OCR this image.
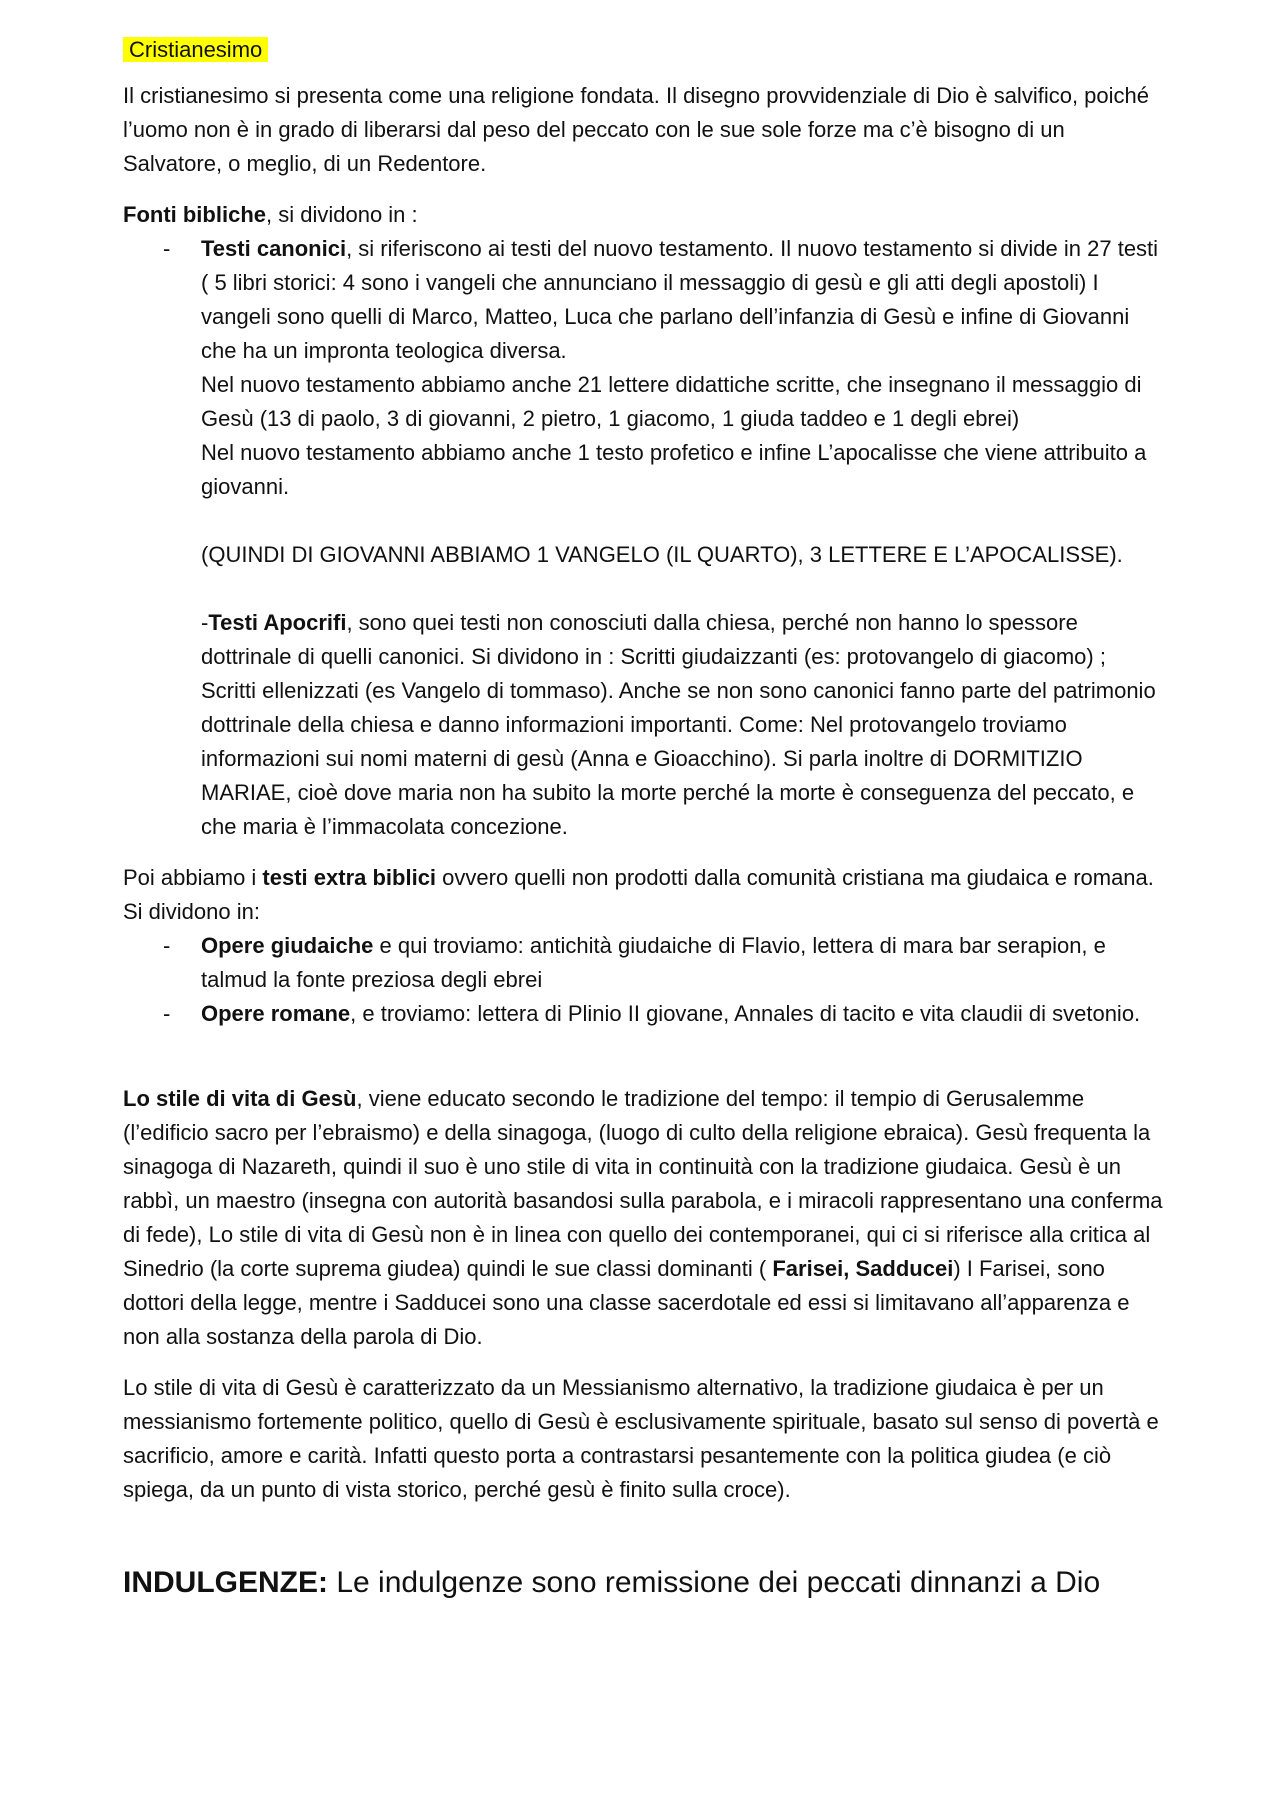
Cristianesimo

Il cristianesimo si presenta come una religione fondata. Il disegno provvidenziale di Dio è salvifico, poiché l’uomo non è in grado di liberarsi dal peso del peccato con le sue sole forze ma c’è bisogno di un Salvatore, o meglio, di un Redentore.

Fonti bibliche, si dividono in :
- Testi canonici, si riferiscono ai testi del nuovo testamento. Il nuovo testamento si divide in 27 testi ( 5 libri storici: 4 sono i vangeli che annunciano il messaggio di gesù e gli atti degli apostoli) I vangeli sono quelli di Marco, Matteo, Luca che parlano dell’infanzia di Gesù e infine di Giovanni che ha un impronta teologica diversa.
Nel nuovo testamento abbiamo anche 21 lettere didattiche scritte, che insegnano il messaggio di Gesù (13 di paolo, 3 di giovanni, 2 pietro, 1 giacomo, 1 giuda taddeo e 1 degli ebrei)
Nel nuovo testamento abbiamo anche 1 testo profetico e infine L’apocalisse che viene attribuito a giovanni.
(QUINDI DI GIOVANNI ABBIAMO 1 VANGELO (IL QUARTO), 3 LETTERE E L’APOCALISSE).
-Testi Apocrifi, sono quei testi non conosciuti dalla chiesa, perché non hanno lo spessore dottrinale di quelli canonici. Si dividono in : Scritti giudaizzanti (es: protovangelo di giacomo) ; Scritti ellenizzati (es Vangelo di tommaso). Anche se non sono canonici fanno parte del patrimonio dottrinale della chiesa e danno informazioni importanti. Come: Nel protovangelo troviamo informazioni sui nomi materni di gesù (Anna e Gioacchino). Si parla inoltre di DORMITIZIO MARIAE, cioè dove maria non ha subito la morte perché la morte è conseguenza del peccato, e che maria è l’immacolata concezione.
Poi abbiamo i testi extra biblici ovvero quelli non prodotti dalla comunità cristiana ma giudaica e romana. Si dividono in:
- Opere giudaiche e qui troviamo: antichità giudaiche di Flavio, lettera di mara bar serapion, e talmud la fonte preziosa degli ebrei
- Opere romane, e troviamo: lettera di Plinio II giovane, Annales di tacito e vita claudii di svetonio.

Lo stile di vita di Gesù, viene educato secondo le tradizione del tempo: il tempio di Gerusalemme (l’edificio sacro per l’ebraismo) e della sinagoga, (luogo di culto della religione ebraica). Gesù frequenta la sinagoga di Nazareth, quindi il suo è uno stile di vita in continuità con la tradizione giudaica. Gesù è un rabbì, un maestro (insegna con autorità basandosi sulla parabola, e i miracoli rappresentano una conferma di fede), Lo stile di vita di Gesù non è in linea con quello dei contemporanei, qui ci si riferisce alla critica al Sinedrio (la corte suprema giudea) quindi le sue classi dominanti ( Farisei, Sadducei) I Farisei, sono dottori della legge, mentre i Sadducei sono una classe sacerdotale ed essi si limitavano all’apparenza e non alla sostanza della parola di Dio.

Lo stile di vita di Gesù è caratterizzato da un Messianismo alternativo, la tradizione giudaica è per un messianismo fortemente politico, quello di Gesù è esclusivamente spirituale, basato sul senso di povertà e sacrificio, amore e carità. Infatti questo porta a contrastarsi pesantemente con la politica giudea (e ciò spiega, da un punto di vista storico, perché gesù è finito sulla croce).

INDULGENZE: Le indulgenze sono remissione dei peccati dinnanzi a Dio
